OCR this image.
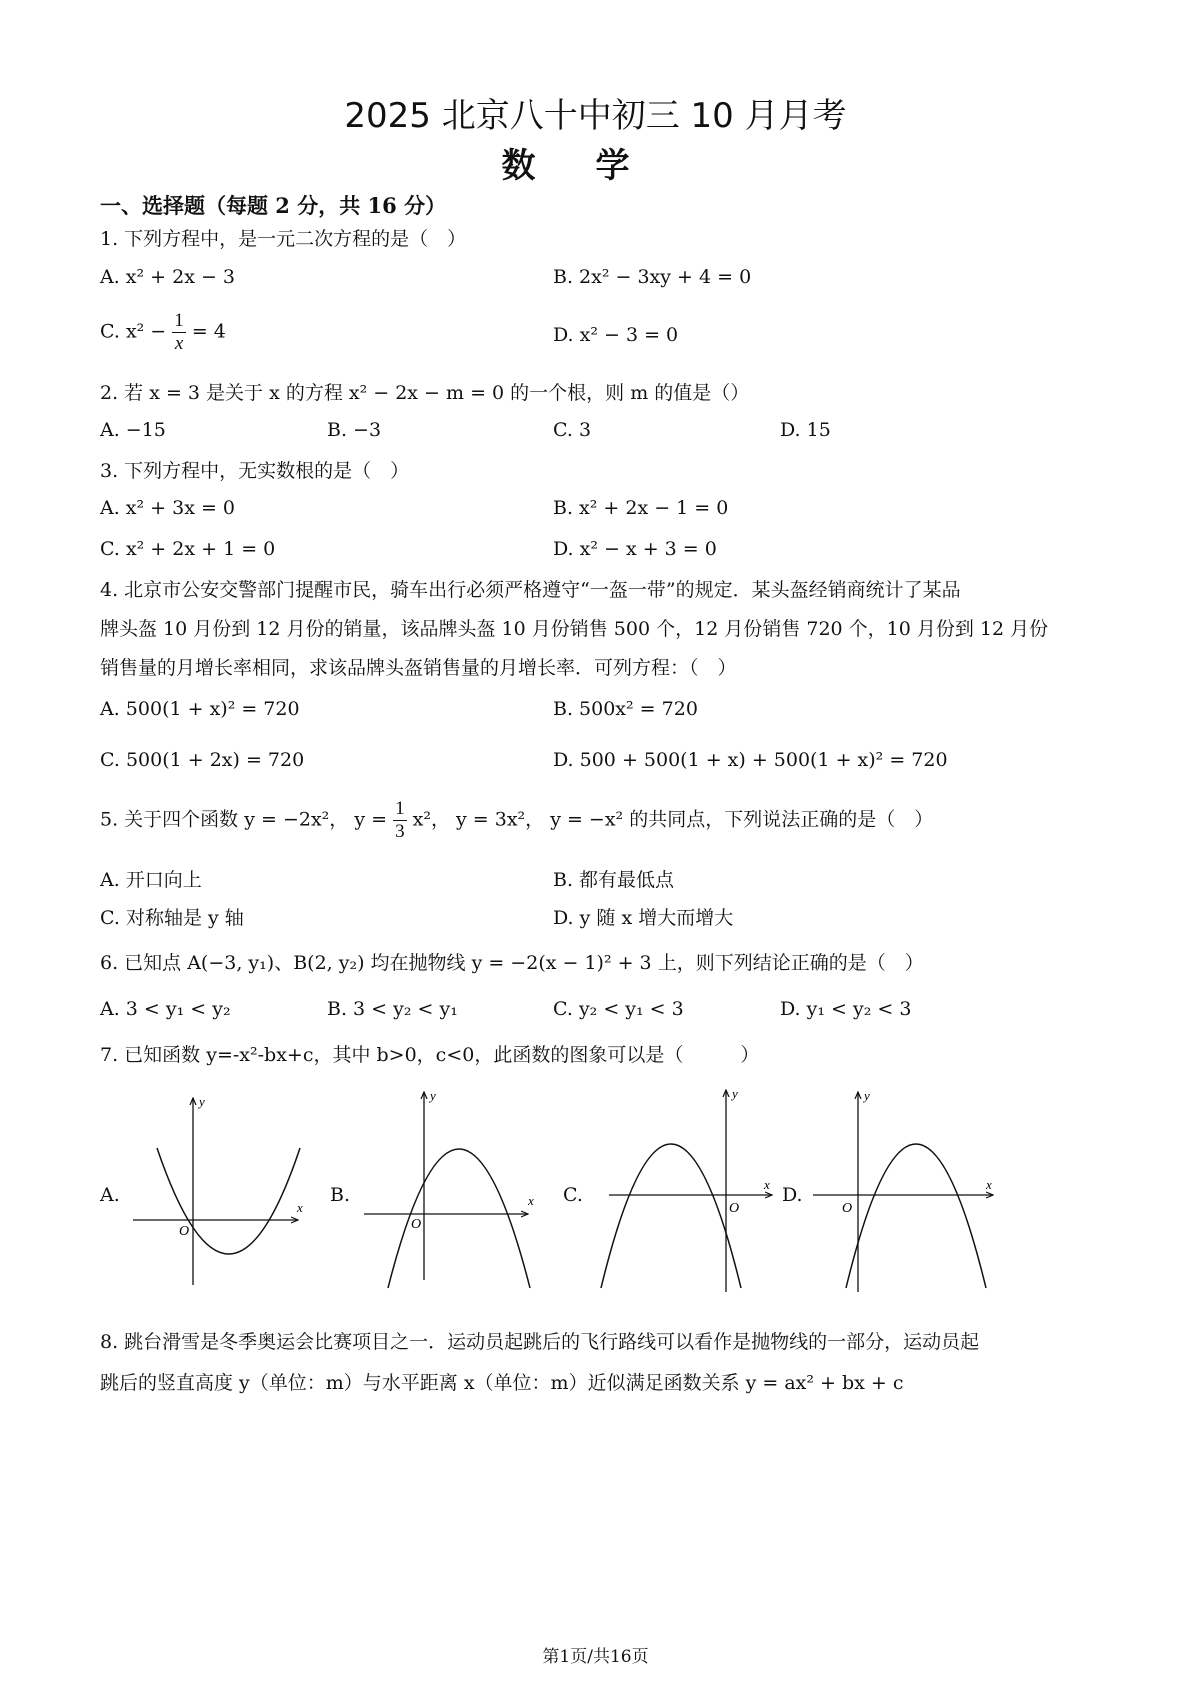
2025 北京八十中初三 10 月月考
数学
一、选择题（每题 2 分，共 16 分）
1. 下列方程中，是一元二次方程的是（　）
A. x² + 2x − 3	B. 2x² − 3xy + 4 = 0
C. $x^2 - \frac{1}{x} = 4$	D. x² − 3 = 0
2. 若 x = 3 是关于 x 的方程 x² − 2x − m = 0 的一个根，则 m 的值是（）
A. −15	B. −3	C. 3	D. 15
3. 下列方程中，无实数根的是（　）
A. x² + 3x = 0	B. x² + 2x − 1 = 0
C. x² + 2x + 1 = 0	D. x² − x + 3 = 0
4. 北京市公安交警部门提醒市民，骑车出行必须严格遵守“一盔一带”的规定．某头盔经销商统计了某品
牌头盔 10 月份到 12 月份的销量，该品牌头盔 10 月份销售 500 个，12 月份销售 720 个，10 月份到 12 月份
销售量的月增长率相同，求该品牌头盔销售量的月增长率．可列方程：（　）
A. 500(1 + x)² = 720	B. 500x² = 720
C. 500(1 + 2x) = 720	D. 500 + 500(1 + x) + 500(1 + x)² = 720
5. 关于四个函数 y = −2x²， $y = \frac{1}{3} x^2$， y = 3x²， y = −x² 的共同点，下列说法正确的是（　）
A. 开口向上	B. 都有最低点
C. 对称轴是 y 轴	D. y 随 x 增大而增大
6. 已知点 A(−3, y₁)、B(2, y₂) 均在抛物线 y = −2(x − 1)² + 3 上，则下列结论正确的是（　）
A. 3 < y₁ < y₂	B. 3 < y₂ < y₁	C. y₂ < y₁ < 3	D. y₁ < y₂ < 3
7. 已知函数 y=-x²-bx+c，其中 b>0，c<0，此函数的图象可以是（　　　）
A.	B.	C.	D.
x
y
O
x
y
O
x
y
O
x
y
O
8. 跳台滑雪是冬季奥运会比赛项目之一．运动员起跳后的飞行路线可以看作是抛物线的一部分，运动员起
跳后的竖直高度 y（单位：m）与水平距离 x（单位：m）近似满足函数关系 y = ax² + bx + c
第1页/共16页
